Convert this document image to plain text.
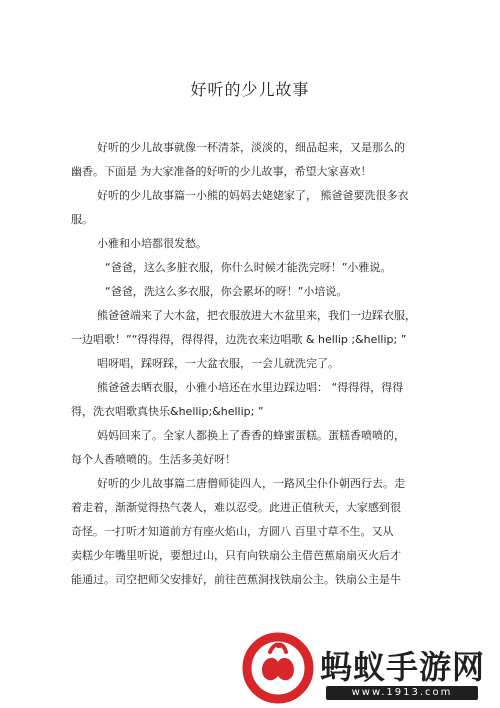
好听的少儿故事
好听的少儿故事就像一杯清茶，淡淡的，细品起来，又是那么的
幽香。下面是 为大家准备的好听的少儿故事，希望大家喜欢！
好听的少儿故事篇一小熊的妈妈去姥姥家了， 熊爸爸要洗很多衣
服。
小雅和小培都很发愁。
“爸爸，这么多脏衣服，你什么时候才能洗完呀！”小雅说。
“爸爸，洗这么多衣服，你会累坏的呀！”小培说。
熊爸爸端来了大木盆，把衣服放进大木盆里来，我们一边踩衣服，
一边唱歌！”“得得得，得得得，边洗衣来边唱歌 & hellip ;&hellip; ”
唱呀唱，踩呀踩，一大盆衣服，一会儿就洗完了。
熊爸爸去晒衣服，小雅小培还在水里边踩边唱： “得得得，得得
得，洗衣唱歌真快乐&hellip;&hellip; ”
妈妈回来了。全家人都换上了香香的蜂蜜蛋糕。蛋糕香喷喷的，
每个人香喷喷的。生活多美好呀！
好听的少儿故事篇二唐僧师徒四人，一路风尘仆仆朝西行去。走
着走着，渐渐觉得热气袭人，难以忍受。此进正值秋天，大家感到很
奇怪。一打听才知道前方有座火焰山，方圆八 百里寸草不生。又从
卖糕少年嘴里听说，要想过山，只有向铁扇公主借芭蕉扇扇灭火后才
能通过。司空把师父安排好，前往芭蕉洞找铁扇公主。铁扇公主是牛
蚂蚁手游网
www.1913.com
